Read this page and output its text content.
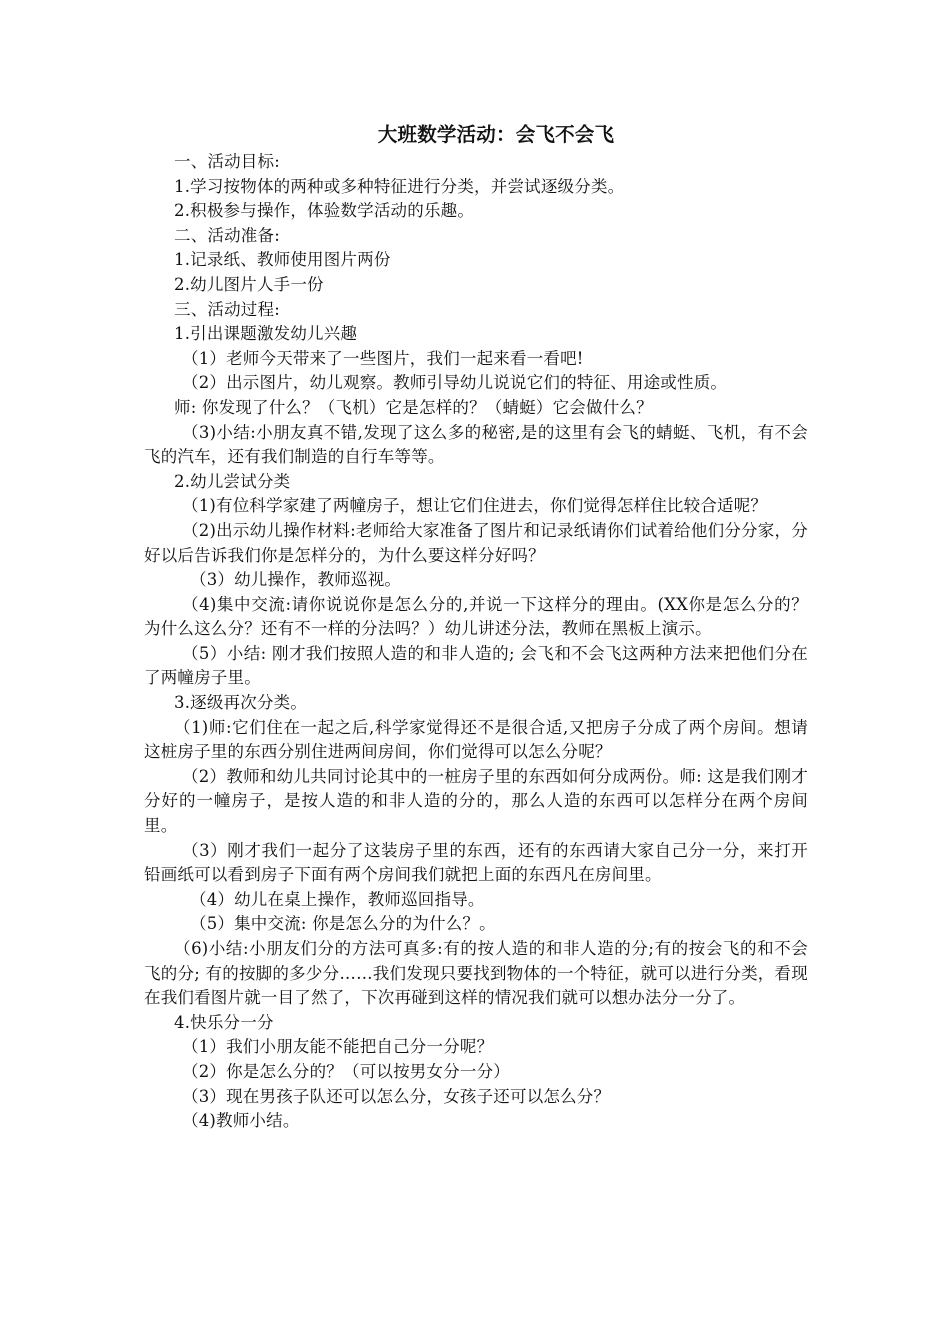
大班数学活动：会飞不会飞

一、活动目标:

1.学习按物体的两种或多种特征进行分类，并尝试逐级分类。

2.积极参与操作，体验数学活动的乐趣。

二、活动准备:

1.记录纸、教师使用图片两份

2.幼儿图片人手一份

三、活动过程:

1.引出课题激发幼儿兴趣

（1）老师今天带来了一些图片，我们一起来看一看吧!

（2）出示图片，幼儿观察。教师引导幼儿说说它们的特征、用途或性质。

师: 你发现了什么？（飞机）它是怎样的？（蜻蜓）它会做什么？

（3)小结:小朋友真不错,发现了这么多的秘密,是的这里有会飞的蜻蜓、飞机，有不会飞的汽车，还有我们制造的自行车等等。

2.幼儿尝试分类

（1)有位科学家建了两幢房子，想让它们住进去，你们觉得怎样住比较合适呢？

（2)出示幼儿操作材料:老师给大家准备了图片和记录纸请你们试着给他们分分家，分好以后告诉我们你是怎样分的，为什么要这样分好吗？

（3）幼儿操作，教师巡视。

（4)集中交流:请你说说你是怎么分的,并说一下这样分的理由。(XX你是怎么分的？为什么这么分？还有不一样的分法吗？）幼儿讲述分法，教师在黑板上演示。

（5）小结: 刚才我们按照人造的和非人造的; 会飞和不会飞这两种方法来把他们分在了两幢房子里。

3.逐级再次分类。

（1)师:它们住在一起之后,科学家觉得还不是很合适,又把房子分成了两个房间。想请这桩房子里的东西分别住进两间房间，你们觉得可以怎么分呢？

（2）教师和幼儿共同讨论其中的一桩房子里的东西如何分成两份。师: 这是我们刚才分好的一幢房子，是按人造的和非人造的分的，那么人造的东西可以怎样分在两个房间里。

（3）刚才我们一起分了这装房子里的东西，还有的东西请大家自己分一分，来打开铅画纸可以看到房子下面有两个房间我们就把上面的东西凡在房间里。

（4）幼儿在桌上操作，教师巡回指导。

（5）集中交流: 你是怎么分的为什么？。

（6)小结:小朋友们分的方法可真多:有的按人造的和非人造的分;有的按会飞的和不会飞的分; 有的按脚的多少分……我们发现只要找到物体的一个特征，就可以进行分类，看现在我们看图片就一目了然了，下次再碰到这样的情况我们就可以想办法分一分了。

4.快乐分一分

（1）我们小朋友能不能把自己分一分呢？

（2）你是怎么分的？（可以按男女分一分）

（3）现在男孩子队还可以怎么分，女孩子还可以怎么分？

（4)教师小结。
